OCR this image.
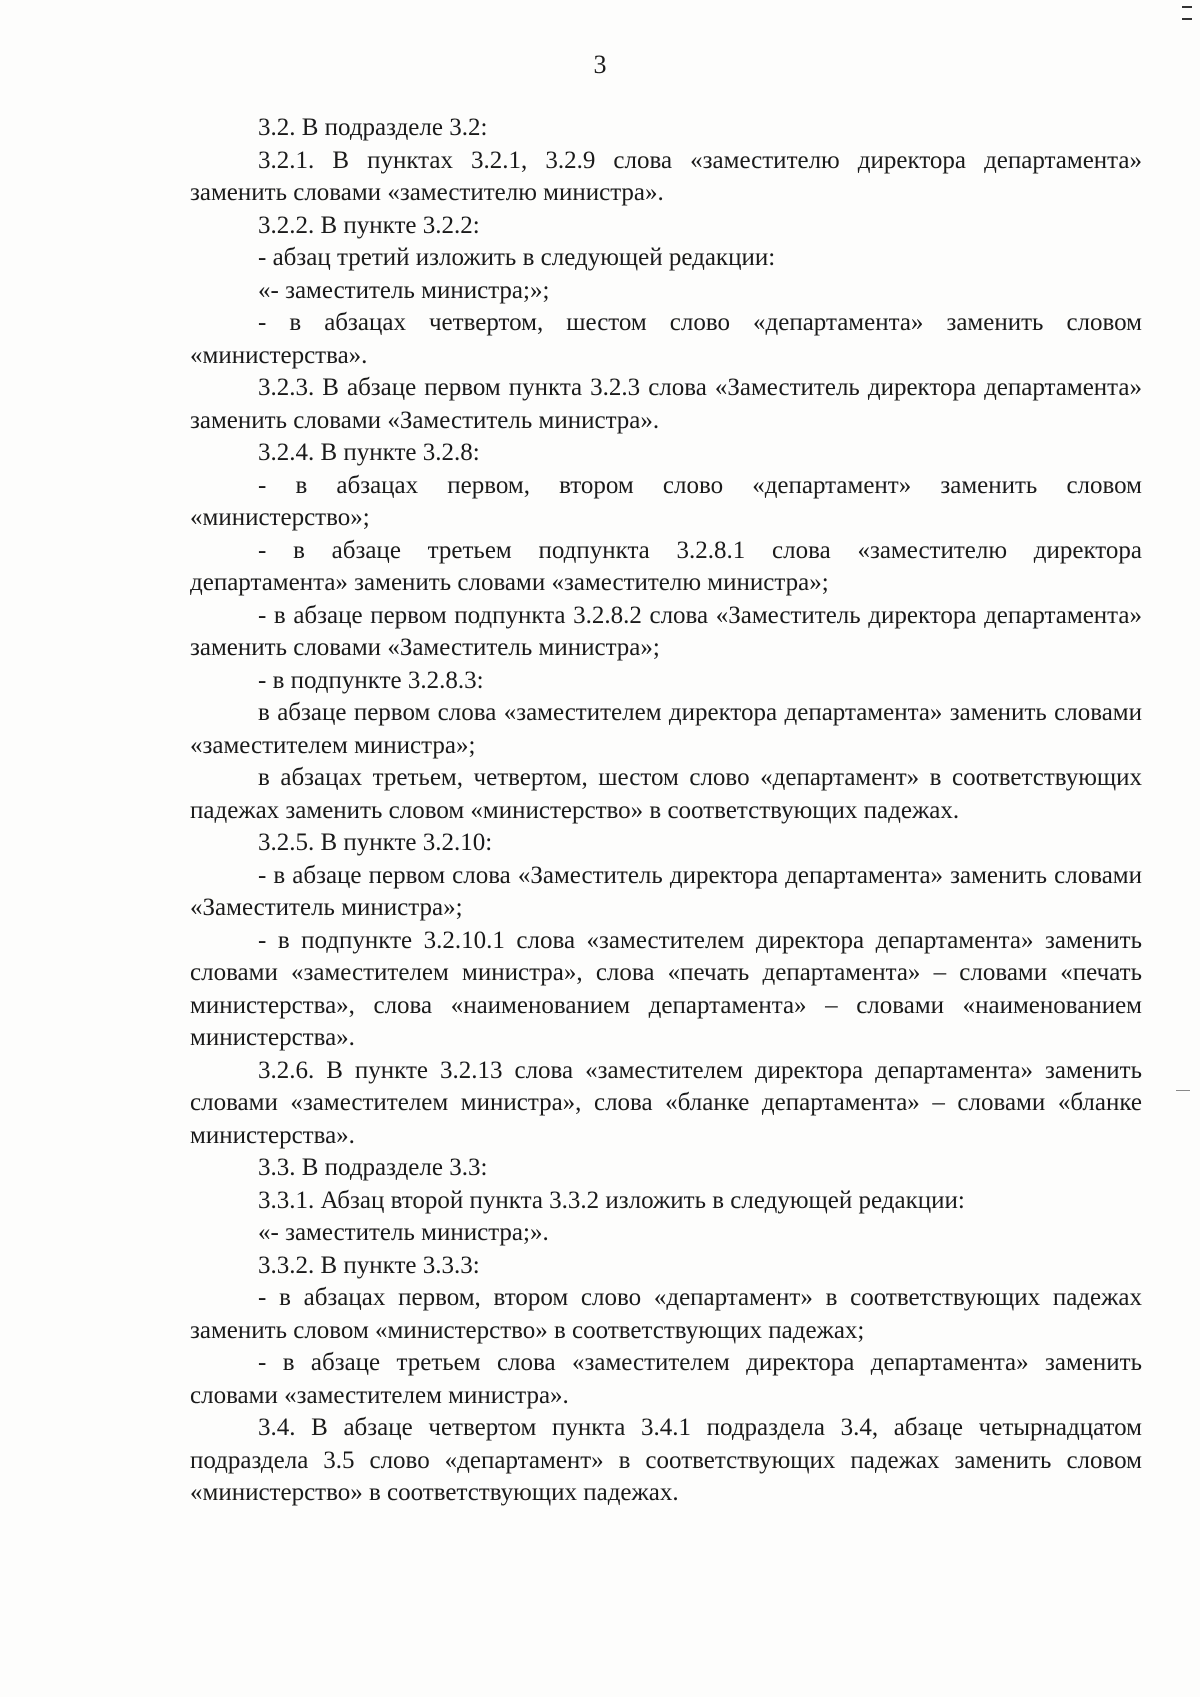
3

3.2. В подразделе 3.2:

3.2.1. В пунктах 3.2.1, 3.2.9 слова «заместителю директора департамента» заменить словами «заместителю министра».

3.2.2. В пункте 3.2.2:

- абзац третий изложить в следующей редакции:

«- заместитель министра;»;

- в абзацах четвертом, шестом слово «департамента» заменить словом «министерства».

3.2.3. В абзаце первом пункта 3.2.3 слова «Заместитель директора департамента» заменить словами «Заместитель министра».

3.2.4. В пункте 3.2.8:

- в абзацах первом, втором слово «департамент» заменить словом «министерство»;

- в абзаце третьем подпункта 3.2.8.1 слова «заместителю директора департамента» заменить словами «заместителю министра»;

- в абзаце первом подпункта 3.2.8.2 слова «Заместитель директора департамента» заменить словами «Заместитель министра»;

- в подпункте 3.2.8.3:

в абзаце первом слова «заместителем директора департамента» заменить словами «заместителем министра»;

в абзацах третьем, четвертом, шестом слово «департамент» в соответствующих падежах заменить словом «министерство» в соответствующих падежах.

3.2.5. В пункте 3.2.10:

- в абзаце первом слова «Заместитель директора департамента» заменить словами «Заместитель министра»;

- в подпункте 3.2.10.1 слова «заместителем директора департамента» заменить словами «заместителем министра», слова «печать департамента» – словами «печать министерства», слова «наименованием департамента» – словами «наименованием министерства».

3.2.6. В пункте 3.2.13 слова «заместителем директора департамента» заменить словами «заместителем министра», слова «бланке департамента» – словами «бланке министерства».

3.3. В подразделе 3.3:

3.3.1. Абзац второй пункта 3.3.2 изложить в следующей редакции:

«- заместитель министра;».

3.3.2. В пункте 3.3.3:

- в абзацах первом, втором слово «департамент» в соответствующих падежах заменить словом «министерство» в соответствующих падежах;

- в абзаце третьем слова «заместителем директора департамента» заменить словами «заместителем министра».

3.4. В абзаце четвертом пункта 3.4.1 подраздела 3.4, абзаце четырнадцатом подраздела 3.5 слово «департамент» в соответствующих падежах заменить словом «министерство» в соответствующих падежах.
